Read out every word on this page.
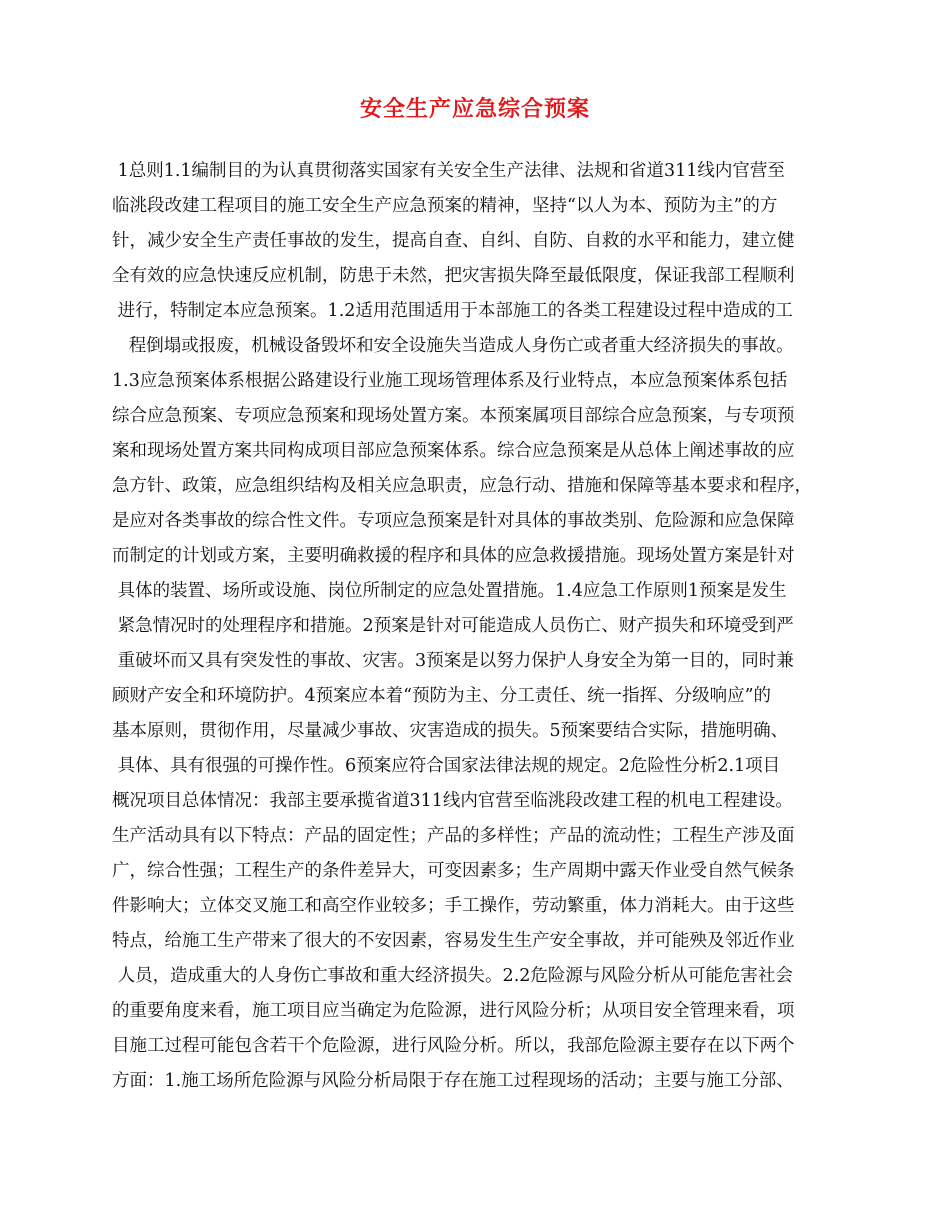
安全生产应急综合预案
1总则1.1编制目的为认真贯彻落实国家有关安全生产法律、法规和省道311线内官营至
临洮段改建工程项目的施工安全生产应急预案的精神，坚持“以人为本、预防为主”的方
针，减少安全生产责任事故的发生，提高自查、自纠、自防、自救的水平和能力，建立健
全有效的应急快速反应机制，防患于未然，把灾害损失降至最低限度，保证我部工程顺利
进行，特制定本应急预案。1.2适用范围适用于本部施工的各类工程建设过程中造成的工
程倒塌或报废，机械设备毁坏和安全设施失当造成人身伤亡或者重大经济损失的事故。
1.3应急预案体系根据公路建设行业施工现场管理体系及行业特点，本应急预案体系包括
综合应急预案、专项应急预案和现场处置方案。本预案属项目部综合应急预案，与专项预
案和现场处置方案共同构成项目部应急预案体系。综合应急预案是从总体上阐述事故的应
急方针、政策，应急组织结构及相关应急职责，应急行动、措施和保障等基本要求和程序，
是应对各类事故的综合性文件。专项应急预案是针对具体的事故类别、危险源和应急保障
而制定的计划或方案，主要明确救援的程序和具体的应急救援措施。现场处置方案是针对
具体的装置、场所或设施、岗位所制定的应急处置措施。1.4应急工作原则1预案是发生
紧急情况时的处理程序和措施。2预案是针对可能造成人员伤亡、财产损失和环境受到严
重破坏而又具有突发性的事故、灾害。3预案是以努力保护人身安全为第一目的，同时兼
顾财产安全和环境防护。4预案应本着“预防为主、分工责任、统一指挥、分级响应”的
基本原则，贯彻作用，尽量减少事故、灾害造成的损失。5预案要结合实际，措施明确、
具体、具有很强的可操作性。6预案应符合国家法律法规的规定。2危险性分析2.1项目
概况项目总体情况：我部主要承揽省道311线内官营至临洮段改建工程的机电工程建设。
生产活动具有以下特点：产品的固定性；产品的多样性；产品的流动性；工程生产涉及面
广，综合性强；工程生产的条件差异大，可变因素多；生产周期中露天作业受自然气候条
件影响大；立体交叉施工和高空作业较多；手工操作，劳动繁重，体力消耗大。由于这些
特点，给施工生产带来了很大的不安因素，容易发生生产安全事故，并可能殃及邻近作业
人员，造成重大的人身伤亡事故和重大经济损失。2.2危险源与风险分析从可能危害社会
的重要角度来看，施工项目应当确定为危险源，进行风险分析；从项目安全管理来看，项
目施工过程可能包含若干个危险源，进行风险分析。所以，我部危险源主要存在以下两个
方面：1.施工场所危险源与风险分析局限于存在施工过程现场的活动；主要与施工分部、
